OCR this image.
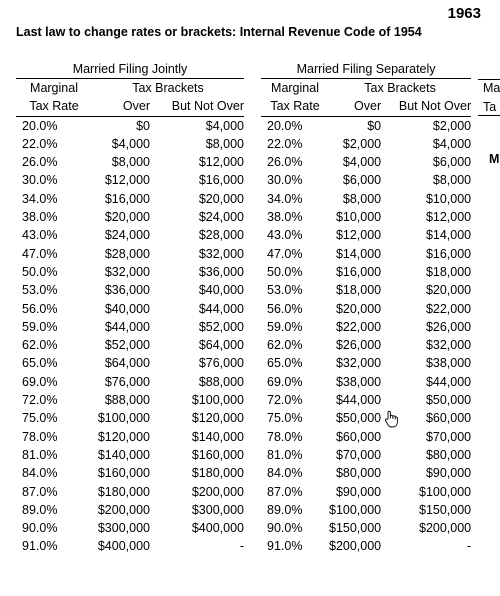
1963
Last law to change rates or brackets: Internal Revenue Code of 1954
Married Filing Jointly		
Marginal	Tax Brackets	
Tax Rate	Over	But Not Over
20.0%	$0	$4,000
22.0%	$4,000	$8,000
26.0%	$8,000	$12,000
30.0%	$12,000	$16,000
34.0%	$16,000	$20,000
38.0%	$20,000	$24,000
43.0%	$24,000	$28,000
47.0%	$28,000	$32,000
50.0%	$32,000	$36,000
53.0%	$36,000	$40,000
56.0%	$40,000	$44,000
59.0%	$44,000	$52,000
62.0%	$52,000	$64,000
65.0%	$64,000	$76,000
69.0%	$76,000	$88,000
72.0%	$88,000	$100,000
75.0%	$100,000	$120,000
78.0%	$120,000	$140,000
81.0%	$140,000	$160,000
84.0%	$160,000	$180,000
87.0%	$180,000	$200,000
89.0%	$200,000	$300,000
90.0%	$300,000	$400,000
91.0%	$400,000	-
Married Filing Separately		
Marginal	Tax Brackets	
Tax Rate	Over	But Not Over
20.0%	$0	$2,000
22.0%	$2,000	$4,000
26.0%	$4,000	$6,000
30.0%	$6,000	$8,000
34.0%	$8,000	$10,000
38.0%	$10,000	$12,000
43.0%	$12,000	$14,000
47.0%	$14,000	$16,000
50.0%	$16,000	$18,000
53.0%	$18,000	$20,000
56.0%	$20,000	$22,000
59.0%	$22,000	$26,000
62.0%	$26,000	$32,000
65.0%	$32,000	$38,000
69.0%	$38,000	$44,000
72.0%	$44,000	$50,000
75.0%	$50,000	$60,000
78.0%	$60,000	$70,000
81.0%	$70,000	$80,000
84.0%	$80,000	$90,000
87.0%	$90,000	$100,000
89.0%	$100,000	$150,000
90.0%	$150,000	$200,000
91.0%	$200,000	-
Ma
Ta
M
